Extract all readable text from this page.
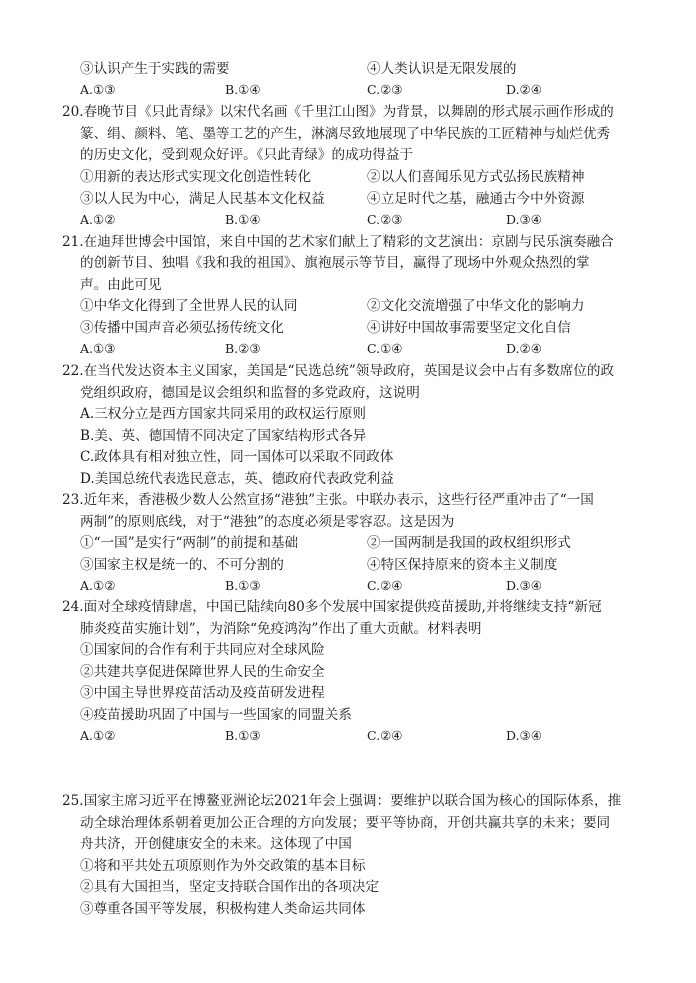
③认识产生于实践的需要	④人类认识是无限发展的
A.①③	B.①④	C.②③	D.②④
20.春晚节目《只此青绿》以宋代名画《千里江山图》为背景，以舞剧的形式展示画作形成的
篆、绢、颜料、笔、墨等工艺的产生，淋漓尽致地展现了中华民族的工匠精神与灿烂优秀
的历史文化，受到观众好评。《只此青绿》的成功得益于
①用新的表达形式实现文化创造性转化	②以人们喜闻乐见方式弘扬民族精神
③以人民为中心，满足人民基本文化权益	④立足时代之基，融通古今中外资源
A.①②	B.①④	C.②③	D.③④
21.在迪拜世博会中国馆，来自中国的艺术家们献上了精彩的文艺演出：京剧与民乐演奏融合
的创新节目、独唱《我和我的祖国》、旗袍展示等节目，赢得了现场中外观众热烈的掌
声。由此可见
①中华文化得到了全世界人民的认同	②文化交流增强了中华文化的影响力
③传播中国声音必须弘扬传统文化	④讲好中国故事需要坚定文化自信
A.①③	B.②③	C.①④	D.②④
22.在当代发达资本主义国家，美国是“民选总统”领导政府，英国是议会中占有多数席位的政
党组织政府，德国是议会组织和监督的多党政府，这说明
A.三权分立是西方国家共同采用的政权运行原则
B.美、英、德国情不同决定了国家结构形式各异
C.政体具有相对独立性，同一国体可以采取不同政体
D.美国总统代表选民意志，英、德政府代表政党利益
23.近年来，香港极少数人公然宣扬“港独”主张。中联办表示，这些行径严重冲击了“一国
两制”的原则底线，对于“港独”的态度必须是零容忍。这是因为
①“一国”是实行“两制”的前提和基础	②一国两制是我国的政权组织形式
③国家主权是统一的、不可分割的	④特区保持原来的资本主义制度
A.①②	B.①③	C.②④	D.③④
24.面对全球疫情肆虐，中国已陆续向80多个发展中国家提供疫苗援助,并将继续支持“新冠
肺炎疫苗实施计划”，为消除“免疫鸿沟”作出了重大贡献。材料表明
①国家间的合作有利于共同应对全球风险
②共建共享促进保障世界人民的生命安全
③中国主导世界疫苗活动及疫苗研发进程
④疫苗援助巩固了中国与一些国家的同盟关系
A.①②	B.①③	C.②④	D.③④
25.国家主席习近平在博鳌亚洲论坛2021年会上强调：要维护以联合国为核心的国际体系，推
动全球治理体系朝着更加公正合理的方向发展；要平等协商，开创共赢共享的未来；要同
舟共济，开创健康安全的未来。这体现了中国
①将和平共处五项原则作为外交政策的基本目标
②具有大国担当，坚定支持联合国作出的各项决定
③尊重各国平等发展，积极构建人类命运共同体
